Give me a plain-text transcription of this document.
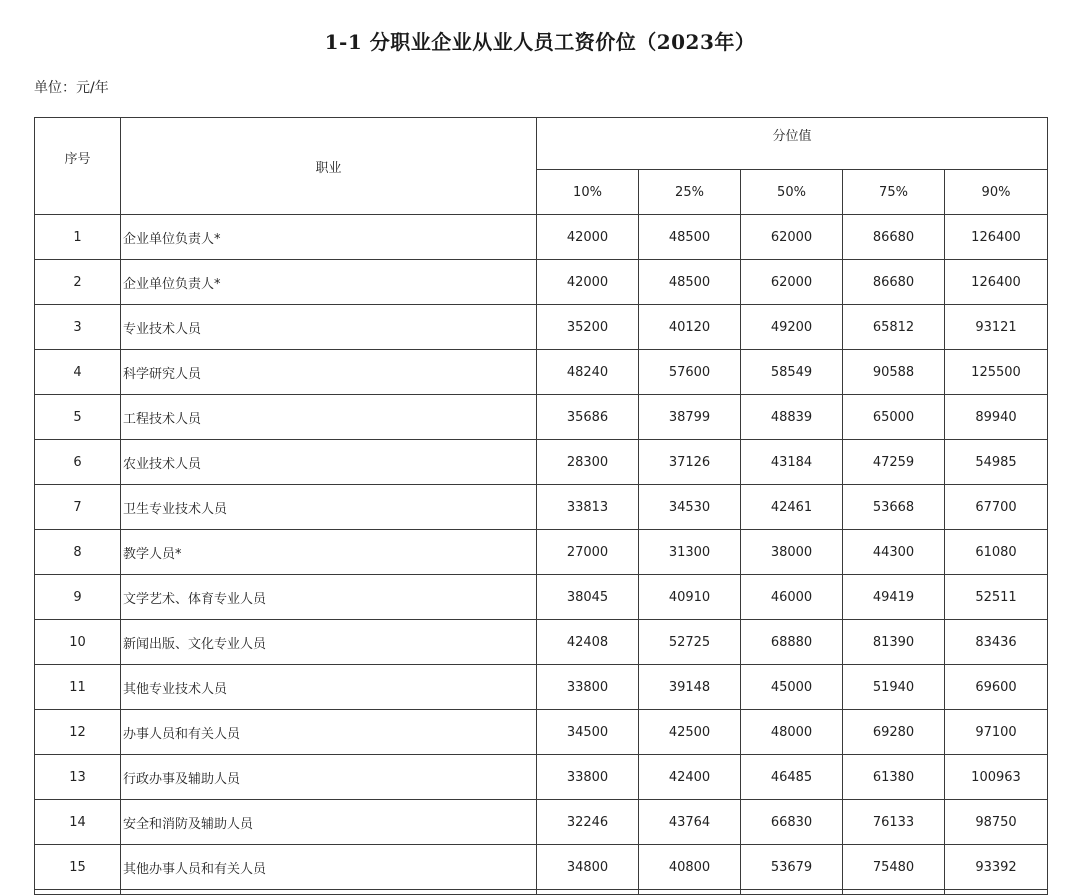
1-1 分职业企业从业人员工资价位（2023年）
单位：元/年
序号	职业	分位值				
		10%	25%	50%	75%	90%
1	企业单位负责人*	42000	48500	62000	86680	126400
2	企业单位负责人*	42000	48500	62000	86680	126400
3	专业技术人员	35200	40120	49200	65812	93121
4	科学研究人员	48240	57600	58549	90588	125500
5	工程技术人员	35686	38799	48839	65000	89940
6	农业技术人员	28300	37126	43184	47259	54985
7	卫生专业技术人员	33813	34530	42461	53668	67700
8	教学人员*	27000	31300	38000	44300	61080
9	文学艺术、体育专业人员	38045	40910	46000	49419	52511
10	新闻出版、文化专业人员	42408	52725	68880	81390	83436
11	其他专业技术人员	33800	39148	45000	51940	69600
12	办事人员和有关人员	34500	42500	48000	69280	97100
13	行政办事及辅助人员	33800	42400	46485	61380	100963
14	安全和消防及辅助人员	32246	43764	66830	76133	98750
15	其他办事人员和有关人员	34800	40800	53679	75480	93392
